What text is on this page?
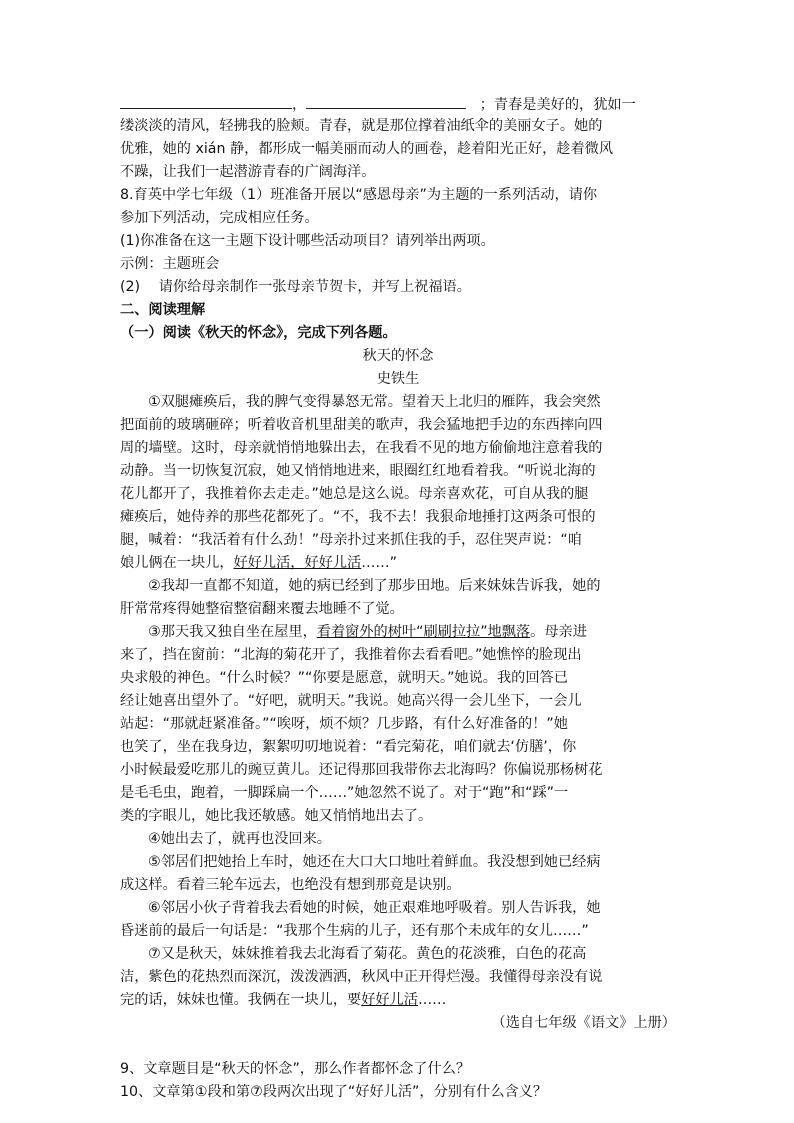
，	；青春是美好的，犹如一
缕淡淡的清风，轻拂我的脸颊。青春，就是那位撑着油纸伞的美丽女子。她的
优雅，她的 xián 静，都形成一幅美丽而动人的画卷，趁着阳光正好，趁着微风
不躁，让我们一起潜游青春的广阔海洋。
8.育英中学七年级（1）班准备开展以“感恩母亲”为主题的一系列活动，请你
参加下列活动，完成相应任务。
(1)你准备在这一主题下设计哪些活动项目？请列举出两项。
示例：主题班会
(2)　 请你给母亲制作一张母亲节贺卡，并写上祝福语。
二、阅读理解
（一）阅读《秋天的怀念》，完成下列各题。
秋天的怀念
史铁生
①双腿瘫痪后，我的脾气变得暴怒无常。望着天上北归的雁阵，我会突然
把面前的玻璃砸碎；听着收音机里甜美的歌声，我会猛地把手边的东西摔向四
周的墙壁。这时，母亲就悄悄地躲出去，在我看不见的地方偷偷地注意着我的
动静。当一切恢复沉寂，她又悄悄地进来，眼圈红红地看着我。“听说北海的
花儿都开了，我推着你去走走。”她总是这么说。母亲喜欢花，可自从我的腿
瘫痪后，她侍养的那些花都死了。“不，我不去！我狠命地捶打这两条可恨的
腿，喊着：“我活着有什么劲！”母亲扑过来抓住我的手，忍住哭声说：“咱
娘儿俩在一块儿，好好儿活，好好儿活……”
②我却一直都不知道，她的病已经到了那步田地。后来妹妹告诉我，她的
肝常常疼得她整宿整宿翻来覆去地睡不了觉。
③那天我又独自坐在屋里，看着窗外的树叶“刷刷拉拉”地飘落。母亲进
来了，挡在窗前：“北海的菊花开了，我推着你去看看吧。”她憔悴的脸现出
央求般的神色。“什么时候？”“你要是愿意，就明天。”她说。我的回答已
经让她喜出望外了。“好吧，就明天。”我说。她高兴得一会儿坐下，一会儿
站起：“那就赶紧准备。”“唉呀，烦不烦？几步路，有什么好准备的！”她
也笑了，坐在我身边，絮絮叨叨地说着：“看完菊花，咱们就去‘仿膳’，你
小时候最爱吃那儿的豌豆黄儿。还记得那回我带你去北海吗？你偏说那杨树花
是毛毛虫，跑着，一脚踩扁一个……”她忽然不说了。对于“跑”和“踩”一
类的字眼儿，她比我还敏感。她又悄悄地出去了。
④她出去了，就再也没回来。
⑤邻居们把她抬上车时，她还在大口大口地吐着鲜血。我没想到她已经病
成这样。看着三轮车远去，也绝没有想到那竟是诀别。
⑥邻居小伙子背着我去看她的时候，她正艰难地呼吸着。别人告诉我，她
昏迷前的最后一句话是：“我那个生病的儿子，还有那个未成年的女儿……”
⑦又是秋天，妹妹推着我去北海看了菊花。黄色的花淡雅，白色的花高
洁，紫色的花热烈而深沉，泼泼洒洒，秋风中正开得烂漫。我懂得母亲没有说
完的话，妹妹也懂。我俩在一块儿，要好好儿活……
（选自七年级《语文》上册）
9、文章题目是“秋天的怀念”，那么作者都怀念了什么？
10、文章第①段和第⑦段两次出现了“好好儿活”，分别有什么含义？
